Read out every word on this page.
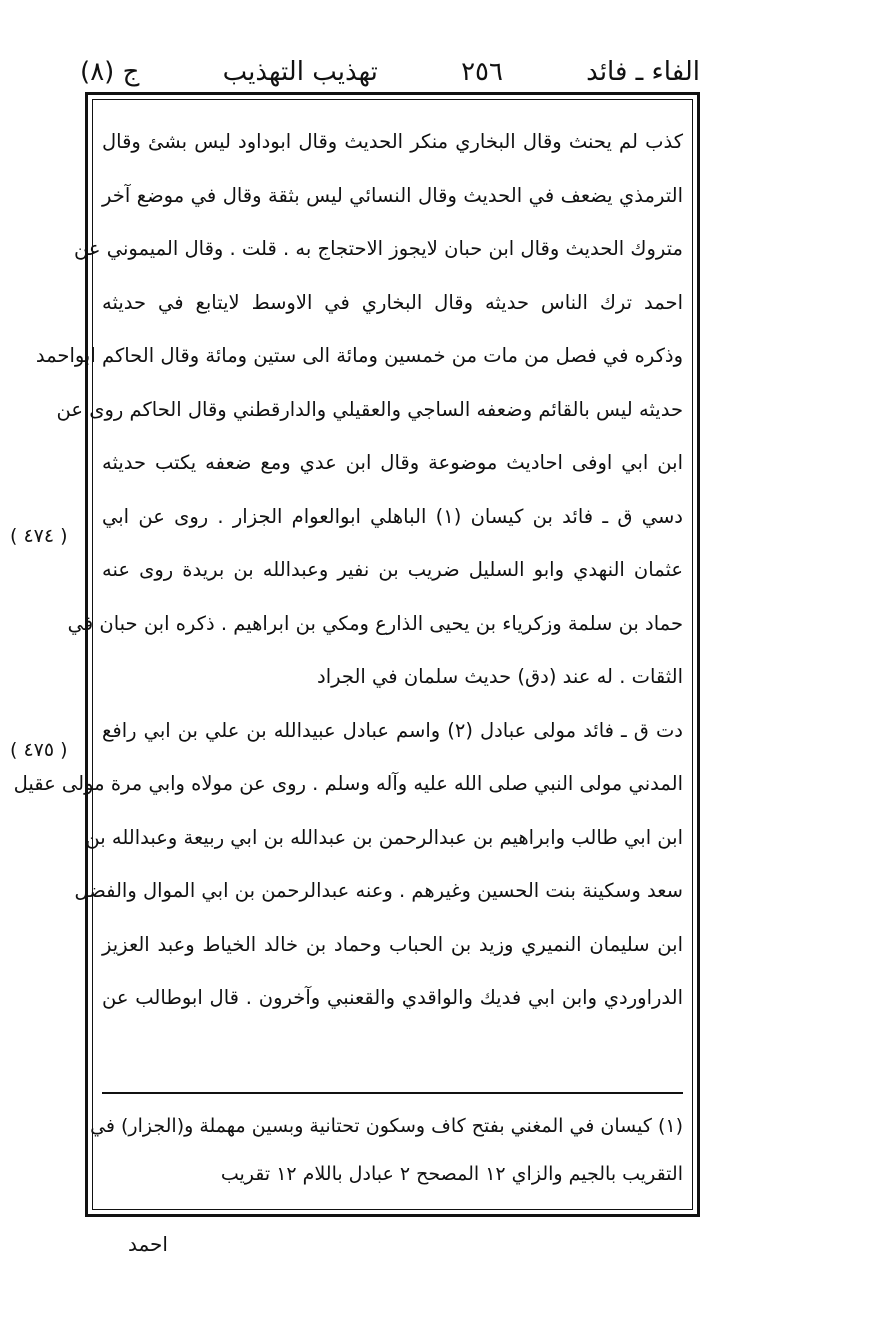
ج (٨)	تهذيب التهذيب	٢٥٦	الفاء ـ فائد
( ٤٧٤ )
( ٤٧٥ )
كذب لم يحنث وقال البخاري منكر الحديث وقال ابوداود ليس بشئ وقال
الترمذي يضعف في الحديث وقال النسائي ليس بثقة وقال في موضع آخر
متروك الحديث وقال ابن حبان لايجوز الاحتجاج به . قلت . وقال الميموني عن
احمد ترك الناس حديثه وقال البخاري في الاوسط لايتابع في حديثه
وذكره في فصل من مات من خمسين ومائة الى ستين ومائة وقال الحاكم ابواحمد
حديثه ليس بالقائم وضعفه الساجي والعقيلي والدارقطني وقال الحاكم روى عن
ابن ابي اوفى احاديث موضوعة وقال ابن عدي ومع ضعفه يكتب حديثه
دسي ق ـ فائد بن كيسان (١) الباهلي ابوالعوام الجزار . روى عن ابي
عثمان النهدي وابو السليل ضريب بن نفير وعبدالله بن بريدة روى عنه
حماد بن سلمة وزكرياء بن يحيى الذارع ومكي بن ابراهيم . ذكره ابن حبان في
الثقات . له عند (دق) حديث سلمان في الجراد
دت ق ـ فائد مولى عبادل (٢) واسم عبادل عبيدالله بن علي بن ابي رافع
المدني مولى النبي صلى الله عليه وآله وسلم . روى عن مولاه وابي مرة مولى عقيل
ابن ابي طالب وابراهيم بن عبدالرحمن بن عبدالله بن ابي ربيعة وعبدالله بن
سعد وسكينة بنت الحسين وغيرهم . وعنه عبدالرحمن بن ابي الموال والفضل
ابن سليمان النميري وزيد بن الحباب وحماد بن خالد الخياط وعبد العزيز
الدراوردي وابن ابي فديك والواقدي والقعنبي وآخرون . قال ابوطالب عن
(١) كيسان في المغني بفتح كاف وسكون تحتانية وبسين مهملة و(الجزار) في
التقريب بالجيم والزاي ١٢ المصحح ٢ عبادل باللام ١٢ تقريب
احمد
